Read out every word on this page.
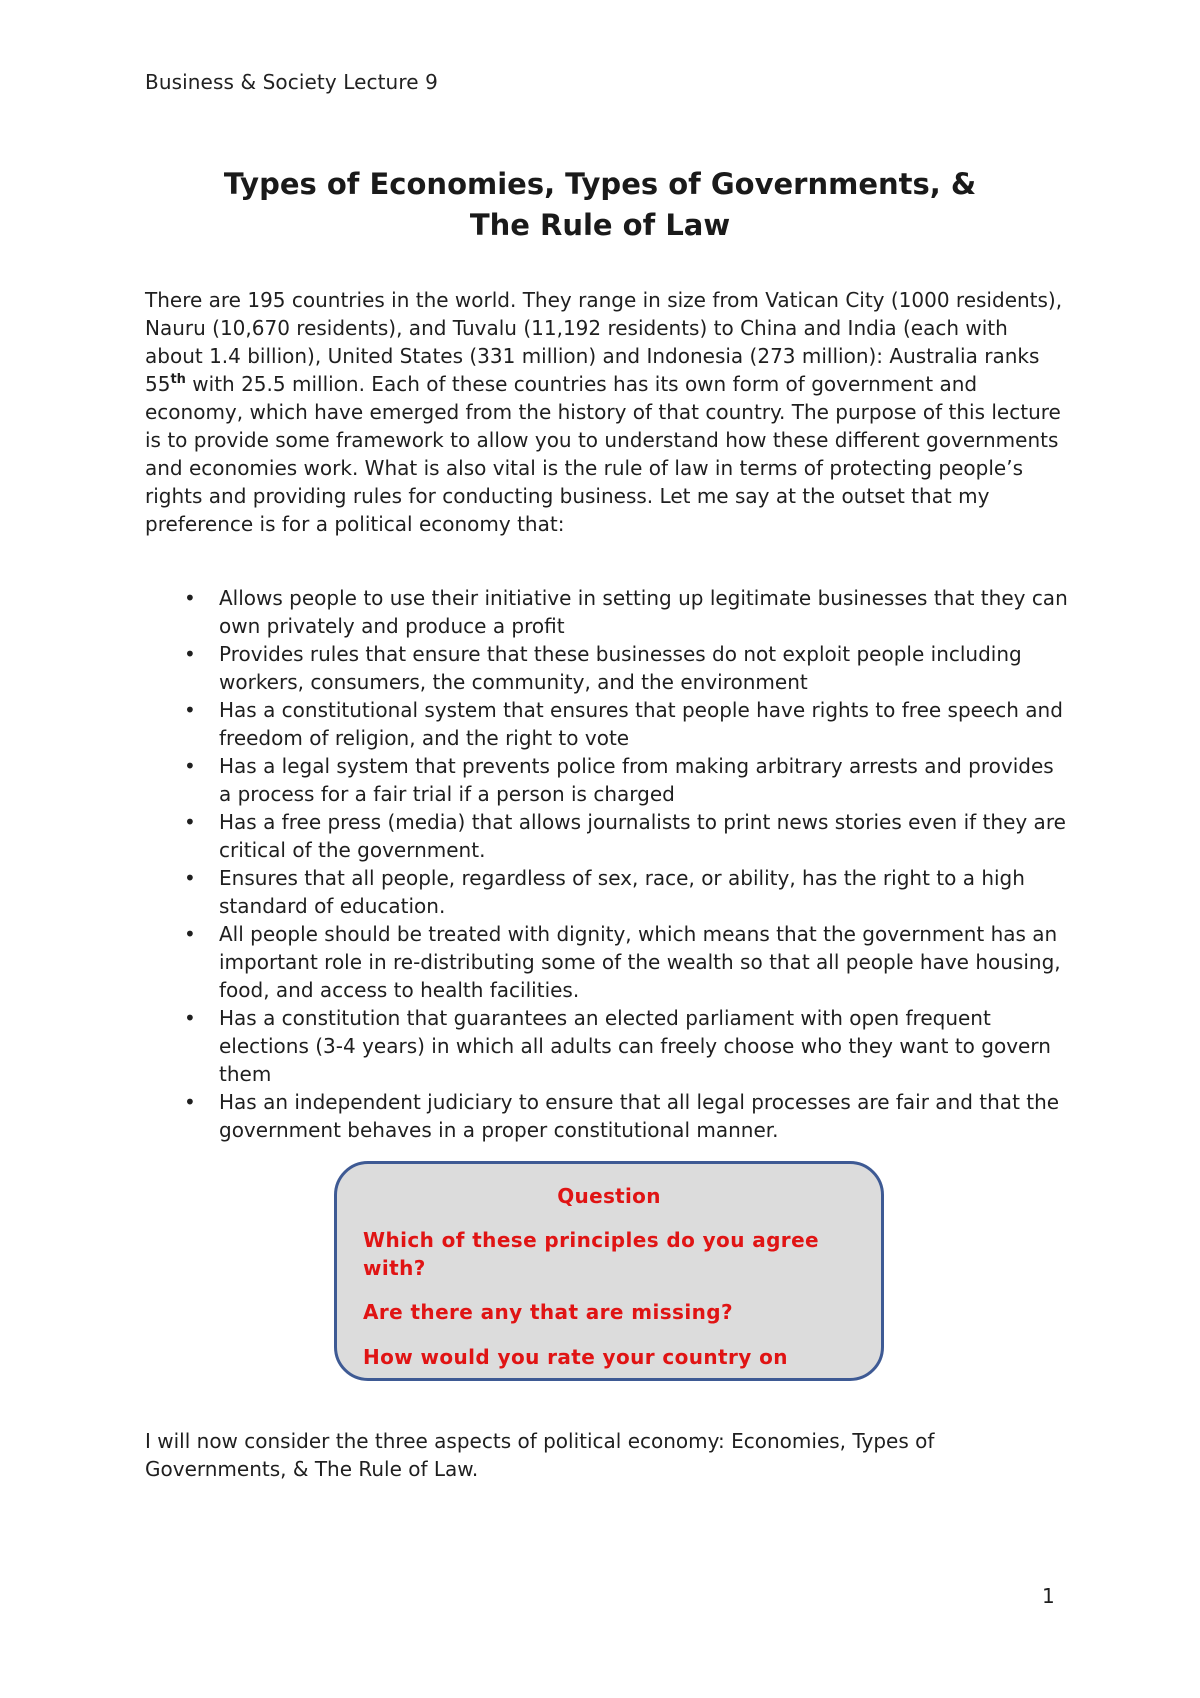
Business & Society Lecture 9
Types of Economies, Types of Governments, &
The Rule of Law

There are 195 countries in the world. They range in size from Vatican City (1000 residents), Nauru (10,670 residents), and Tuvalu (11,192 residents) to China and India (each with about 1.4 billion), United States (331 million) and Indonesia (273 million): Australia ranks 55th with 25.5 million. Each of these countries has its own form of government and economy, which have emerged from the history of that country. The purpose of this lecture is to provide some framework to allow you to understand how these different governments and economies work. What is also vital is the rule of law in terms of protecting people’s rights and providing rules for conducting business. Let me say at the outset that my preference is for a political economy that:

• Allows people to use their initiative in setting up legitimate businesses that they can own privately and produce a profit
• Provides rules that ensure that these businesses do not exploit people including workers, consumers, the community, and the environment
• Has a constitutional system that ensures that people have rights to free speech and freedom of religion, and the right to vote
• Has a legal system that prevents police from making arbitrary arrests and provides a process for a fair trial if a person is charged
• Has a free press (media) that allows journalists to print news stories even if they are critical of the government.
• Ensures that all people, regardless of sex, race, or ability, has the right to a high standard of education.
• All people should be treated with dignity, which means that the government has an important role in re-distributing some of the wealth so that all people have housing, food, and access to health facilities.
• Has a constitution that guarantees an elected parliament with open frequent elections (3-4 years) in which all adults can freely choose who they want to govern them
• Has an independent judiciary to ensure that all legal processes are fair and that the government behaves in a proper constitutional manner.
Question
Which of these principles do you agree with?
Are there any that are missing?
How would you rate your country on

I will now consider the three aspects of political economy: Economies, Types of Governments, & The Rule of Law.

1
